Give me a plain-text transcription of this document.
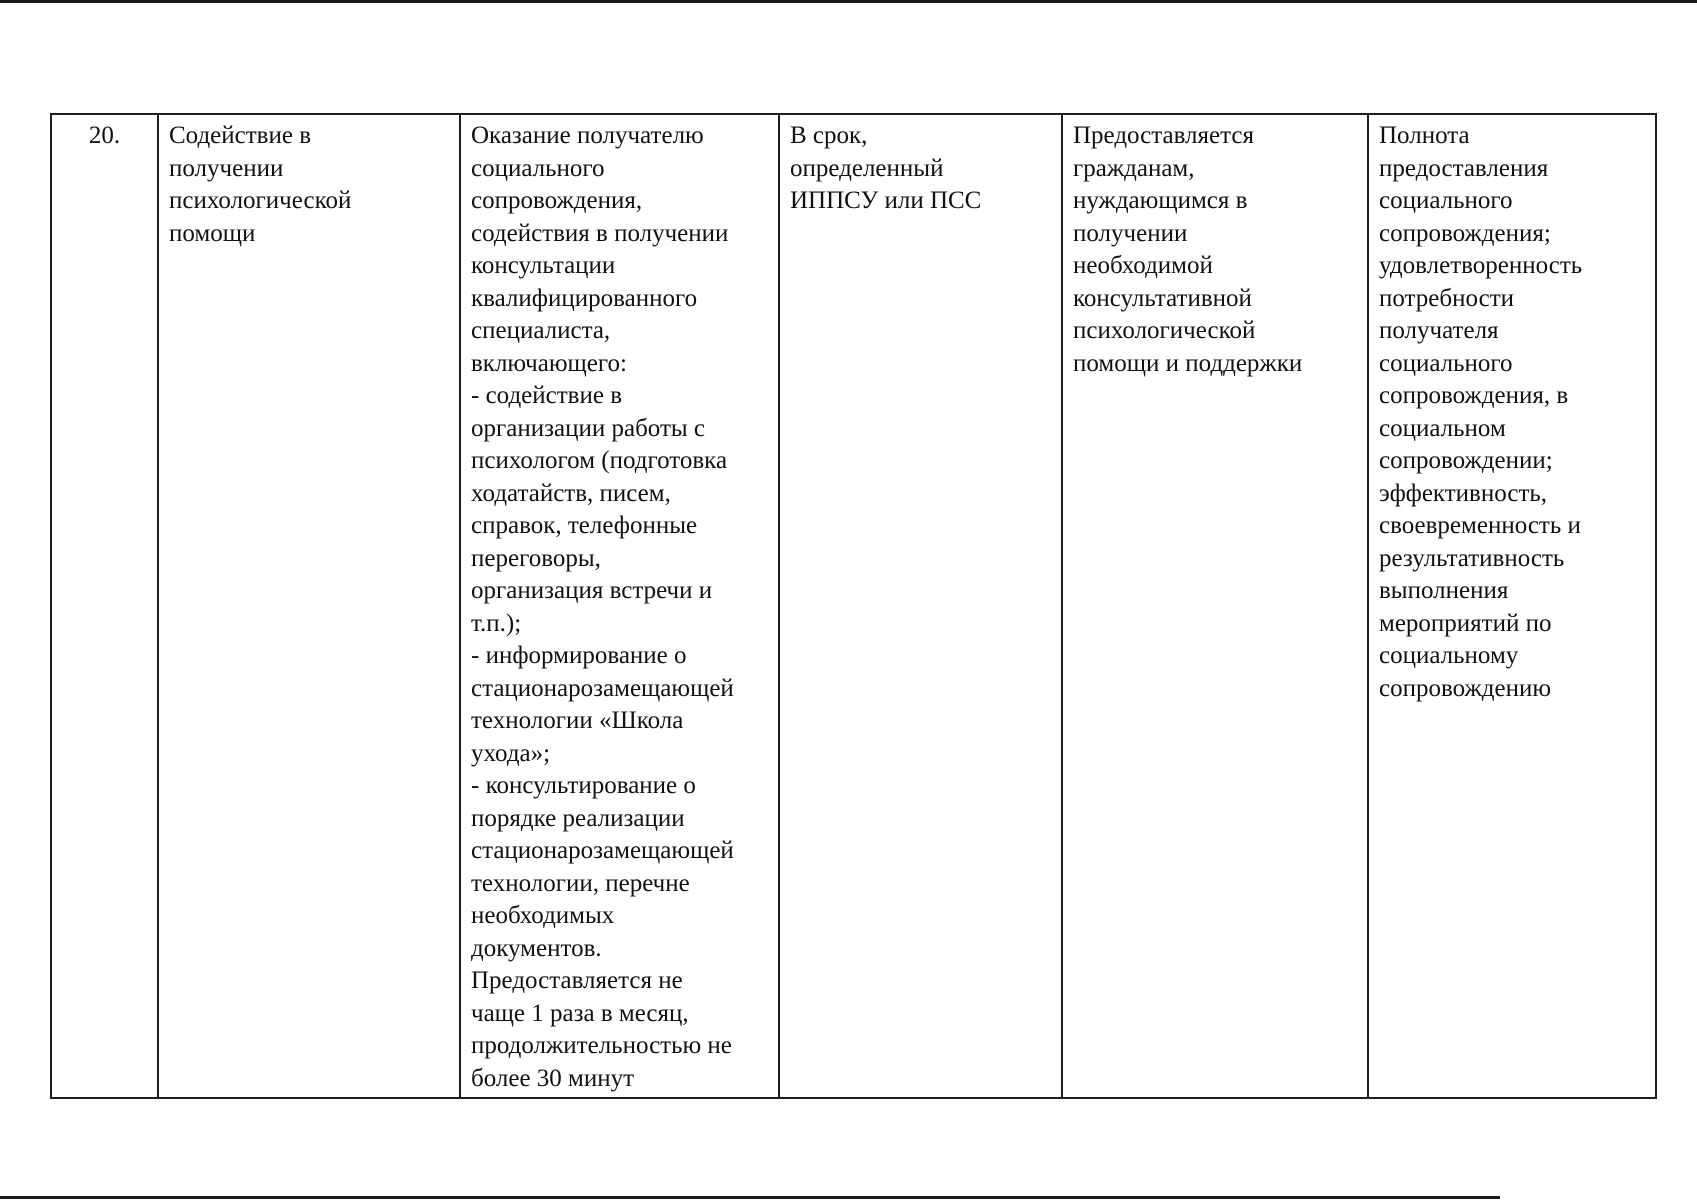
20.	Содействие в
получении
психологической
помощи

Оказание получателю
социального
сопровождения,
содействия в получении
консультации
квалифицированного
специалиста,
включающего:
- содействие в
организации работы с
психологом (подготовка
ходатайств, писем,
справок, телефонные
переговоры,
организация встречи и
т.п.);
- информирование о
стационарозамещающей
технологии «Школа
ухода»;
- консультирование о
порядке реализации
стационарозамещающей
технологии, перечне
необходимых
документов.
Предоставляется не
чаще 1 раза в месяц,
продолжительностью не
более 30 минут

В срок,
определенный
ИППСУ или ПСС

Предоставляется
гражданам,
нуждающимся в
получении
необходимой
консультативной
психологической
помощи и поддержки

Полнота
предоставления
социального
сопровождения;
удовлетворенность
потребности
получателя
социального
сопровождения, в
социальном
сопровождении;
эффективность,
своевременность и
результативность
выполнения
мероприятий по
социальному
сопровождению
